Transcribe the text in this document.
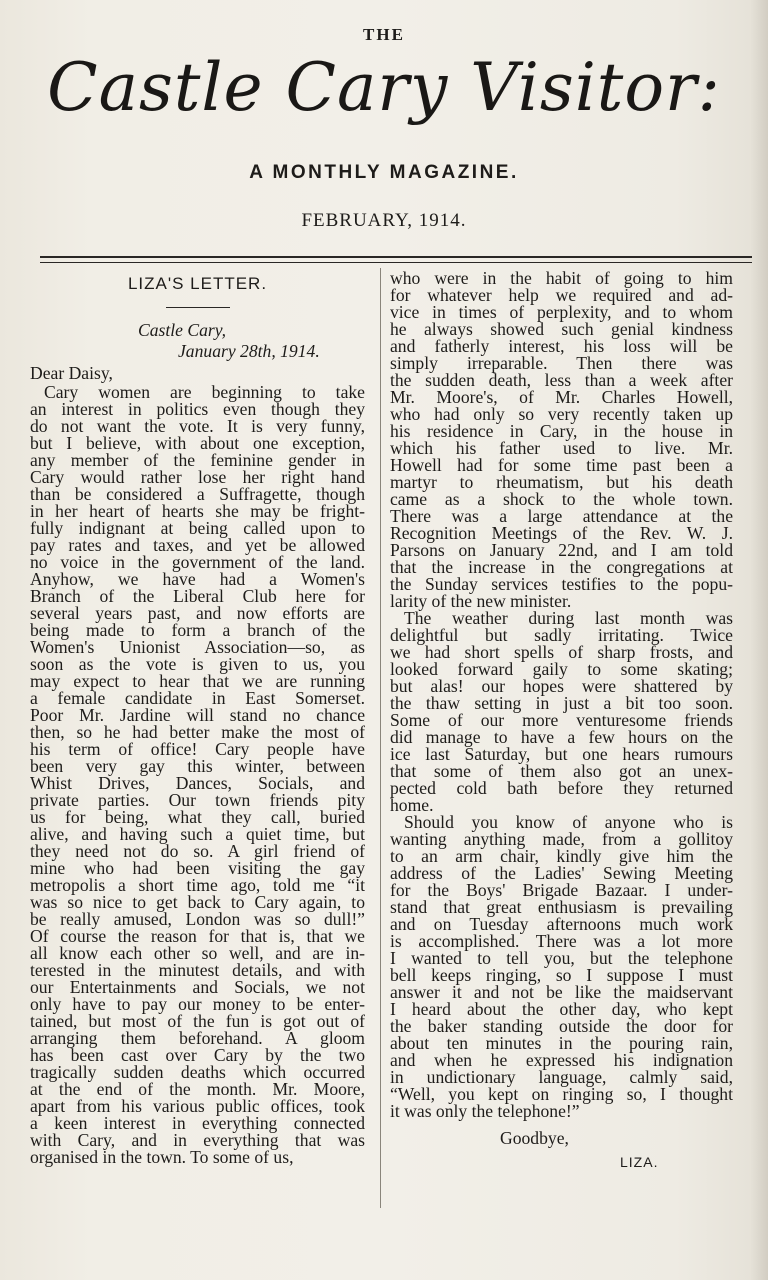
THE
Castle Cary Visitor:
A MONTHLY MAGAZINE.
FEBRUARY, 1914.
LIZA'S LETTER.
Castle Cary,
January 28th, 1914.
Dear Daisy,
Cary women are beginning to take
an interest in politics even though they
do not want the vote. It is very funny,
but I believe, with about one exception,
any member of the feminine gender in
Cary would rather lose her right hand
than be considered a Suffragette, though
in her heart of hearts she may be fright-
fully indignant at being called upon to
pay rates and taxes, and yet be allowed
no voice in the government of the land.
Anyhow, we have had a Women's
Branch of the Liberal Club here for
several years past, and now efforts are
being made to form a branch of the
Women's Unionist Association—so, as
soon as the vote is given to us, you
may expect to hear that we are running
a female candidate in East Somerset.
Poor Mr. Jardine will stand no chance
then, so he had better make the most of
his term of office! Cary people have
been very gay this winter, between
Whist Drives, Dances, Socials, and
private parties. Our town friends pity
us for being, what they call, buried
alive, and having such a quiet time, but
they need not do so. A girl friend of
mine who had been visiting the gay
metropolis a short time ago, told me “it
was so nice to get back to Cary again, to
be really amused, London was so dull!”
Of course the reason for that is, that we
all know each other so well, and are in-
terested in the minutest details, and with
our Entertainments and Socials, we not
only have to pay our money to be enter-
tained, but most of the fun is got out of
arranging them beforehand. A gloom
has been cast over Cary by the two
tragically sudden deaths which occurred
at the end of the month. Mr. Moore,
apart from his various public offices, took
a keen interest in everything connected
with Cary, and in everything that was
organised in the town. To some of us,
who were in the habit of going to him
for whatever help we required and ad-
vice in times of perplexity, and to whom
he always showed such genial kindness
and fatherly interest, his loss will be
simply irreparable. Then there was
the sudden death, less than a week after
Mr. Moore's, of Mr. Charles Howell,
who had only so very recently taken up
his residence in Cary, in the house in
which his father used to live. Mr.
Howell had for some time past been a
martyr to rheumatism, but his death
came as a shock to the whole town.
There was a large attendance at the
Recognition Meetings of the Rev. W. J.
Parsons on January 22nd, and I am told
that the increase in the congregations at
the Sunday services testifies to the popu-
larity of the new minister.
The weather during last month was
delightful but sadly irritating. Twice
we had short spells of sharp frosts, and
looked forward gaily to some skating;
but alas! our hopes were shattered by
the thaw setting in just a bit too soon.
Some of our more venturesome friends
did manage to have a few hours on the
ice last Saturday, but one hears rumours
that some of them also got an unex-
pected cold bath before they returned
home.
Should you know of anyone who is
wanting anything made, from a gollitoy
to an arm chair, kindly give him the
address of the Ladies' Sewing Meeting
for the Boys' Brigade Bazaar. I under-
stand that great enthusiasm is prevailing
and on Tuesday afternoons much work
is accomplished. There was a lot more
I wanted to tell you, but the telephone
bell keeps ringing, so I suppose I must
answer it and not be like the maidservant
I heard about the other day, who kept
the baker standing outside the door for
about ten minutes in the pouring rain,
and when he expressed his indignation
in undictionary language, calmly said,
“Well, you kept on ringing so, I thought
it was only the telephone!”
Goodbye,
LIZA.
